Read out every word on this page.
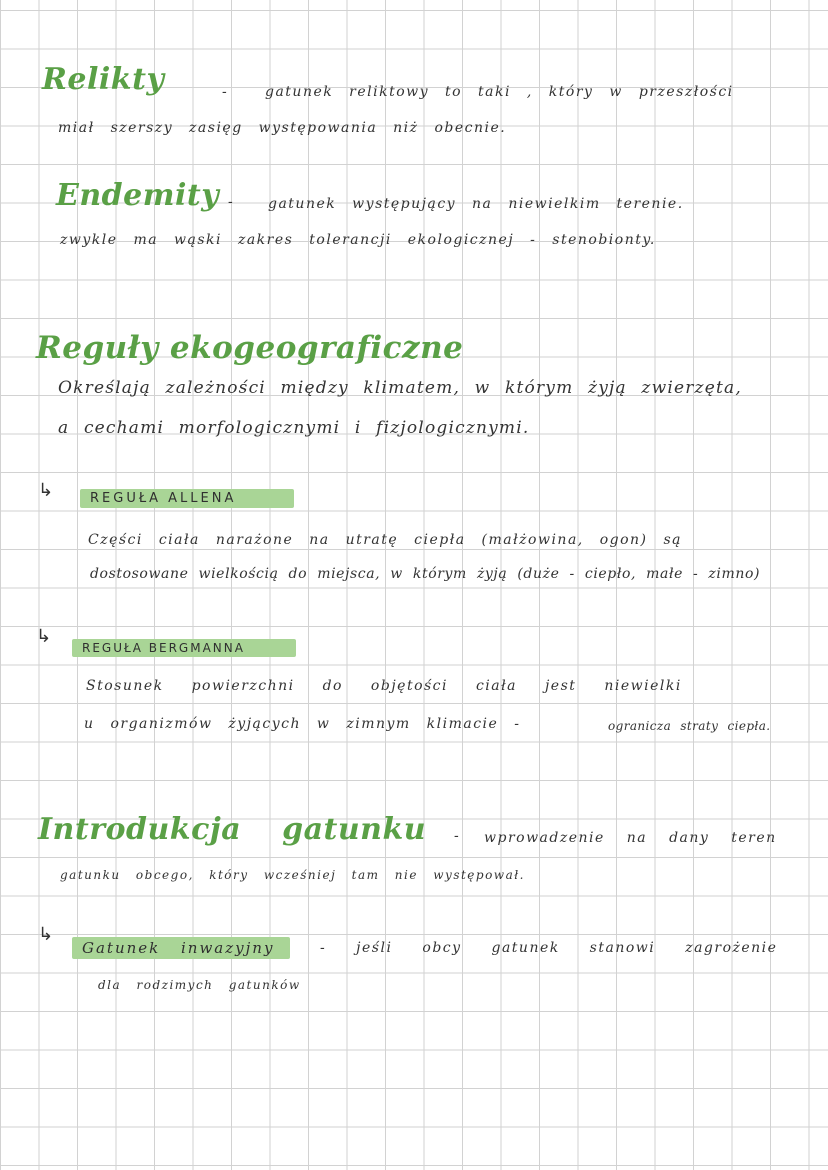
Relikty	-	gatunek reliktowy to taki , który w przeszłości
miał szerszy zasięg występowania niż obecnie.
Endemity - gatunek występujący na niewielkim terenie.
zwykle ma wąski zakres tolerancji ekologicznej - stenobionty.
Reguły ekogeograficzne
Określają zależności między klimatem, w którym żyją zwierzęta,
a cechami morfologicznymi i fizjologicznymi.
↳	REGUŁA ALLENA
Części ciała narażone na utratę ciepła (małżowina, ogon) są
dostosowane wielkością do miejsca, w którym żyją (duże - ciepło, małe - zimno)
↳
REGUŁA BERGMANNA
Stosunek powierzchni do objętości ciała jest niewielki
u organizmów żyjących w zimnym klimacie -	ogranicza straty ciepła.
Introdukcja gatunku - wprowadzenie na dany teren
gatunku obcego, który wcześniej tam nie występował.
↳
Gatunek inwazyjny	- jeśli obcy gatunek stanowi zagrożenie
dla rodzimych gatunków
